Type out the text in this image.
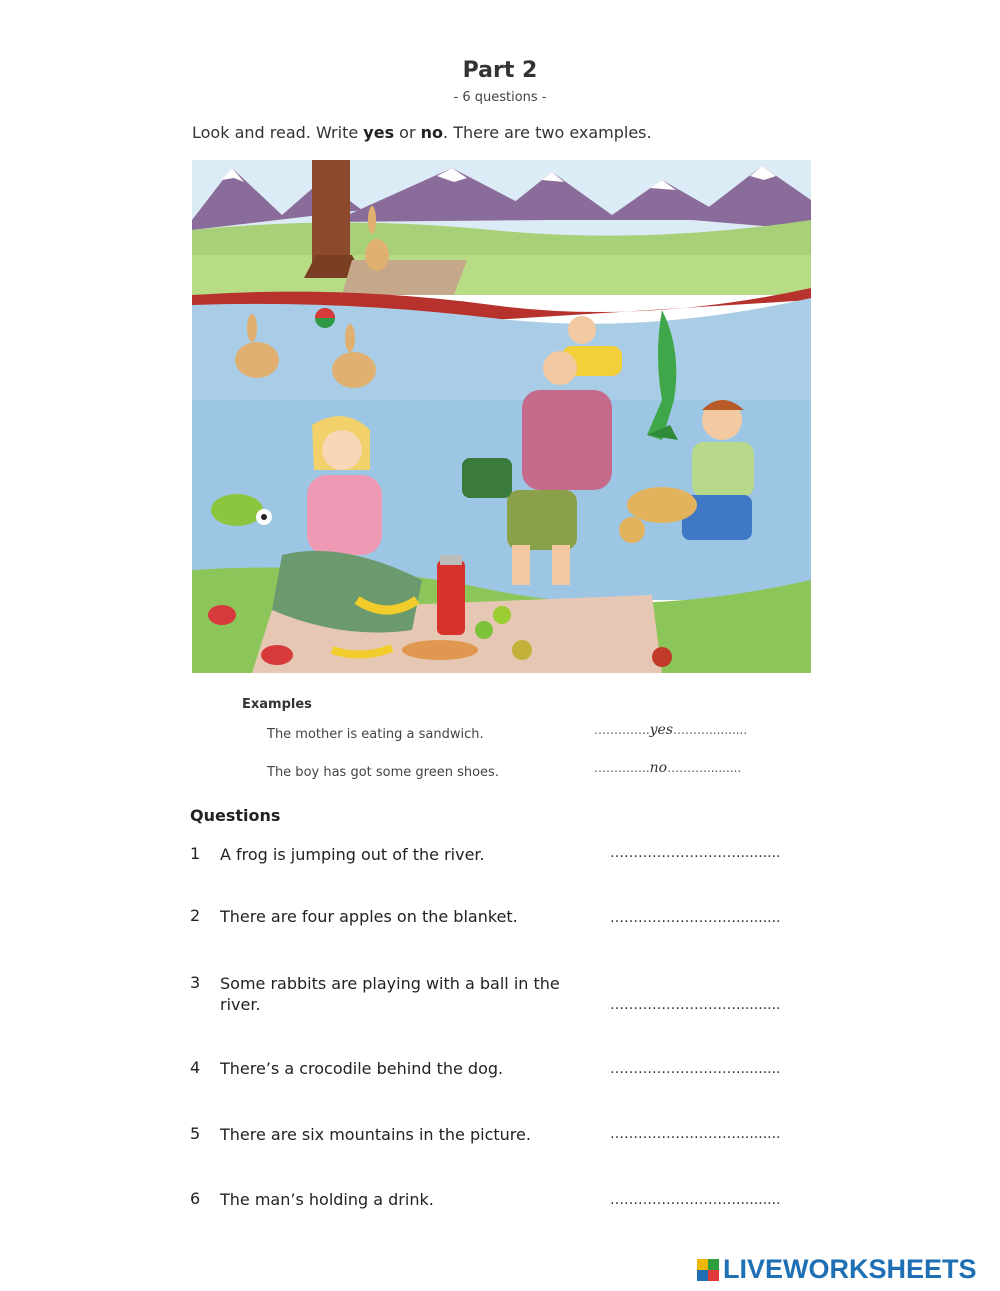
Part 2
- 6 questions -
Look and read. Write yes or no. There are two examples.
Examples
The mother is eating a sandwich.	…………..yes………..........
The boy has got some green shoes.	…………..no………..........
Questions
1 A frog is jumping out of the river.	………………………..........
2 There are four apples on the blanket.	………………………..........
3 Some rabbits are playing with a ball in the river.	………………………..........
4 There’s a crocodile behind the dog.	………………………..........
5 There are six mountains in the picture.	………………………..........
6 The man’s holding a drink.	………………………..........
LIVEWORKSHEETS
